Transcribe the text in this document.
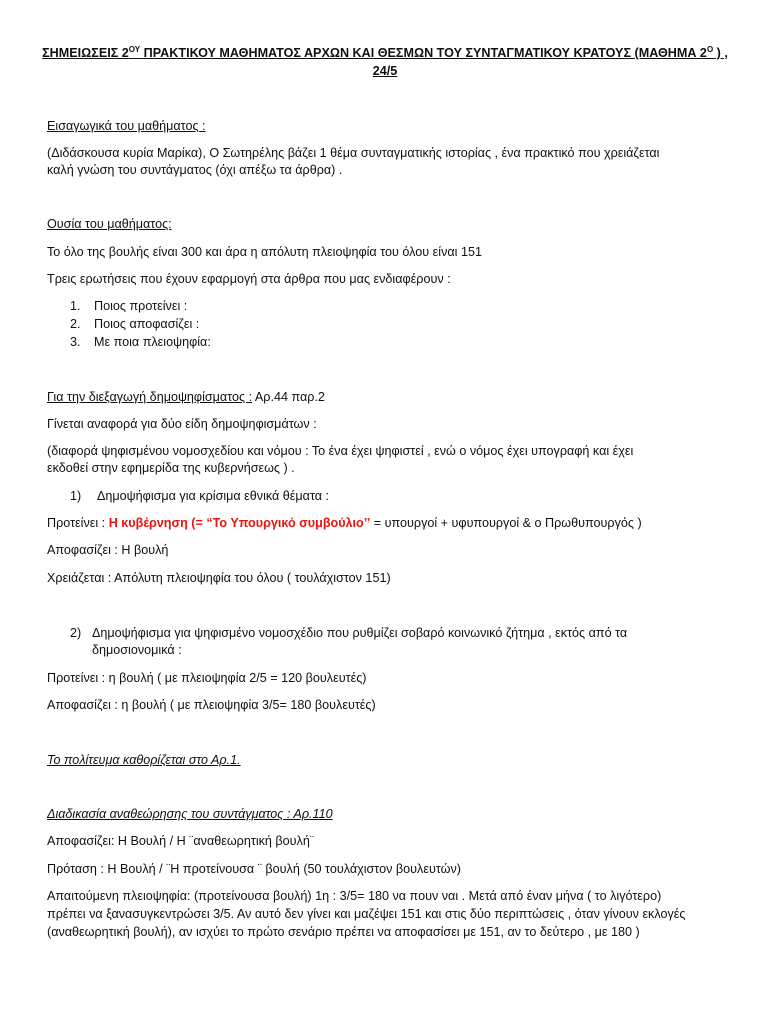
ΣΗΜΕΙΩΣΕΙΣ $2^{O\Upsilon}$ ΠΡΑΚΤΙΚΟΥ ΜΑΘΗΜΑΤΟΣ ΑΡΧΩΝ ΚΑΙ ΘΕΣΜΩΝ ΤΟΥ ΣΥΝΤΑΓΜΑΤΙΚΟΥ ΚΡΑΤΟΥΣ (ΜΑΘΗΜΑ $2^O$ ) ,
24/5
Εισαγωγικά του μαθήματος :
(Διδάσκουσα κυρία Μαρίκα), Ο Σωτηρέλης βάζει 1 θέμα συνταγματικής ιστορίας , ένα πρακτικό που χρειάζεται
καλή γνώση του συντάγματος (όχι απέξω τα άρθρα) .
Ουσία του μαθήματος:
Το όλο της βουλής είναι 300 και άρα η απόλυτη πλειοψηφία του όλου είναι 151
Τρεις ερωτήσεις που έχουν εφαρμογή στα άρθρα που μας ενδιαφέρουν :
1. Ποιος προτείνει :
2. Ποιος αποφασίζει :
3. Με ποια πλειοψηφία:
Για την διεξαγωγή δημοψηφίσματος : Αρ.44 παρ.2
Γίνεται αναφορά για δύο είδη δημοψηφισμάτων :
(διαφορά ψηφισμένου νομοσχεδίου και νόμου : Το ένα έχει ψηφιστεί , ενώ ο νόμος έχει υπογραφή και έχει
εκδοθεί στην εφημερίδα της κυβερνήσεως ) .
1) Δημοψήφισμα για κρίσιμα εθνικά θέματα :
Προτείνει : Η κυβέρνηση (= “Το Υπουργικό συμβούλιο’’ = υπουργοί + υφυπουργοί & ο Πρωθυπουργός )
Αποφασίζει : Η βουλή
Χρειάζεται : Απόλυτη πλειοψηφία του όλου ( τουλάχιστον 151)
2) Δημοψήφισμα για ψηφισμένο νομοσχέδιο που ρυθμίζει σοβαρό κοινωνικό ζήτημα , εκτός από τα
δημοσιονομικά :
Προτείνει : η βουλή ( με πλειοψηφία 2/5 = 120 βουλευτές)
Αποφασίζει : η βουλή ( με πλειοψηφία 3/5= 180 βουλευτές)
Το πολίτευμα καθορίζεται στο Αρ.1.
Διαδικασία αναθεώρησης του συντάγματος : Αρ.110
Αποφασίζει: Η Βουλή / Η ¨αναθεωρητική βουλή¨
Πρόταση : Η Βουλή / ¨Η προτείνουσα ¨ βουλή (50 τουλάχιστον βουλευτών)
Απαιτούμενη πλειοψηφία: (προτείνουσα βουλή) 1η : 3/5= 180 να πουν ναι . Μετά από έναν μήνα ( το λιγότερο)
πρέπει να ξανασυγκεντρώσει 3/5. Αν αυτό δεν γίνει και μαζέψει 151 και στις δύο περιπτώσεις , όταν γίνουν εκλογές
(αναθεωρητική βουλή), αν ισχύει το πρώτο σενάριο πρέπει να αποφασίσει με 151, αν το δεύτερο , με 180 )
